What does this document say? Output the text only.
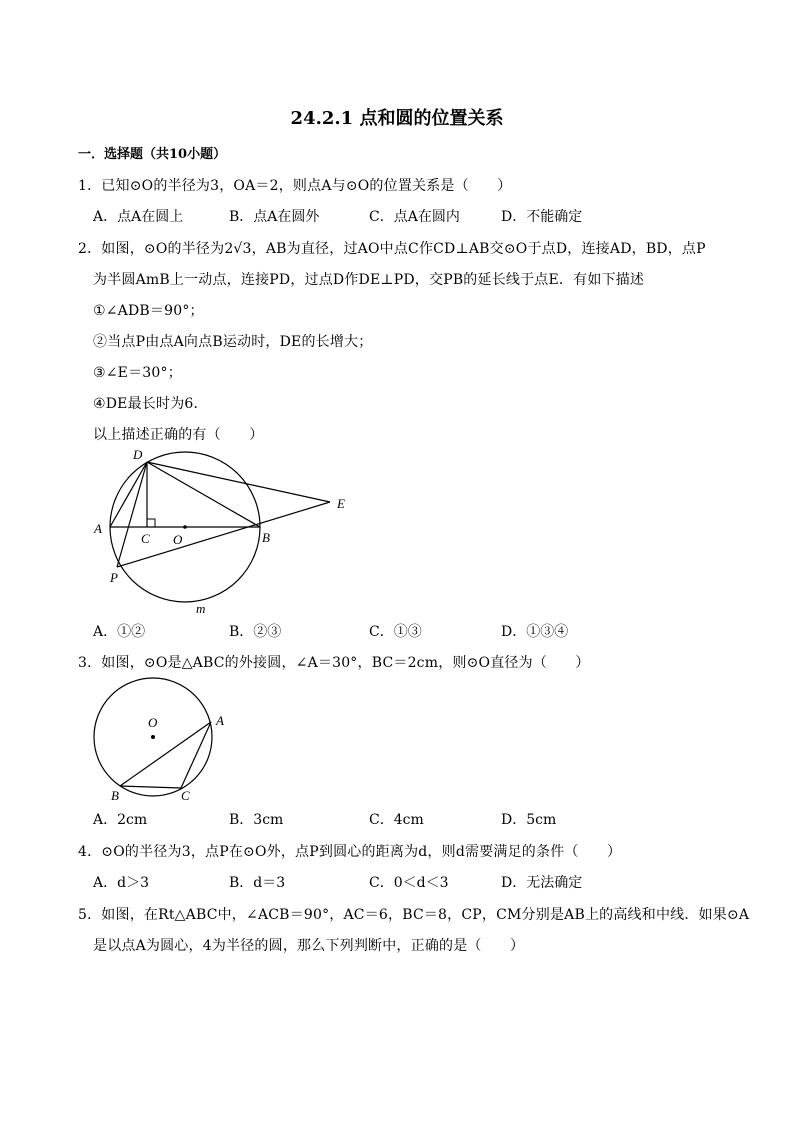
24.2.1 点和圆的位置关系
一．选择题（共10小题）
1．已知⊙O的半径为3，OA＝2，则点A与⊙O的位置关系是（　　）
A．点A在圆上	B．点A在圆外	C．点A在圆内	D．不能确定
2．如图，⊙O的半径为2√3，AB为直径，过AO中点C作CD⊥AB交⊙O于点D，连接AD，BD，点P
为半圆AmB上一动点，连接PD，过点D作DE⊥PD，交PB的延长线于点E．有如下描述
①∠ADB＝90°；
②当点P由点A向点B运动时，DE的长增大；
③∠E＝30°；
④DE最长时为6．
以上描述正确的有（　　）
D
E
A
C O	B
P
m
A．①②	B．②③	C．①③	D．①③④
3．如图，⊙O是△ABC的外接圆，∠A＝30°，BC＝2cm，则⊙O直径为（　　）
O	A
B	C
A．2cm	B．3cm	C．4cm	D．5cm
4．⊙O的半径为3，点P在⊙O外，点P到圆心的距离为d，则d需要满足的条件（　　）
A．d＞3	B．d＝3	C．0＜d＜3	D．无法确定
5．如图，在Rt△ABC中，∠ACB＝90°，AC＝6，BC＝8，CP，CM分别是AB上的高线和中线．如果⊙A
是以点A为圆心，4为半径的圆，那么下列判断中，正确的是（　　）
